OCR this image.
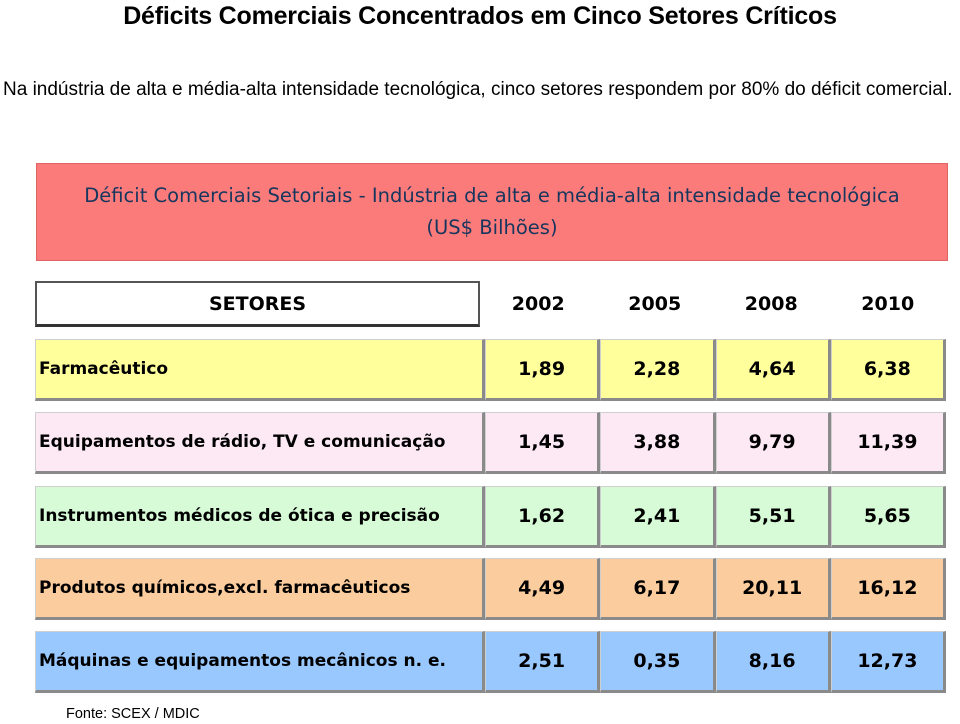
Déficits Comerciais Concentrados em Cinco Setores Críticos
Na indústria de alta e média-alta intensidade tecnológica, cinco setores respondem por 80% do déficit comercial.
Déficit Comerciais Setoriais - Indústria de alta e média-alta intensidade tecnológica (US$ Bilhões)
SETORES	2002	2005	2008	2010
Farmacêutico	1,89	2,28	4,64	6,38
Equipamentos de rádio, TV e comunicação	1,45	3,88	9,79	11,39
Instrumentos médicos de ótica e precisão	1,62	2,41	5,51	5,65
Produtos químicos,excl. farmacêuticos	4,49	6,17	20,11	16,12
Máquinas e equipamentos mecânicos n. e.	2,51	0,35	8,16	12,73
Fonte: SCEX / MDIC
